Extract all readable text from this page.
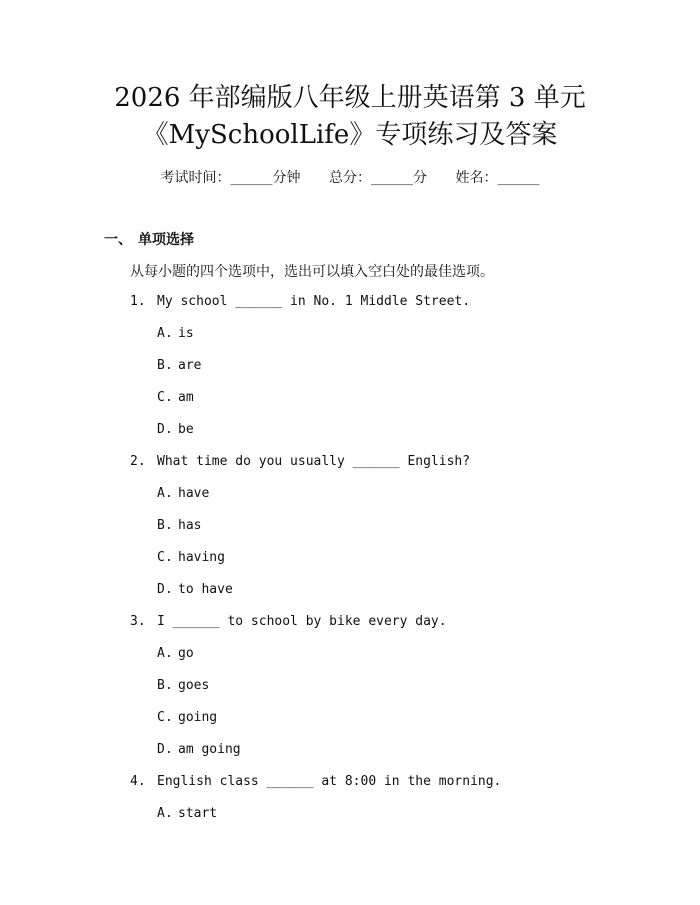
2026 年部编版八年级上册英语第 3 单元
《MySchoolLife》专项练习及答案
考试时间：______分钟 总分：______分 姓名：______
一、 单项选择
从每小题的四个选项中，选出可以填入空白处的最佳选项。
1. My school ______ in No. 1 Middle Street.
A. is
B. are
C. am
D. be
2. What time do you usually ______ English?
A. have
B. has
C. having
D. to have
3. I ______ to school by bike every day.
A. go
B. goes
C. going
D. am going
4. English class ______ at 8:00 in the morning.
A. start
